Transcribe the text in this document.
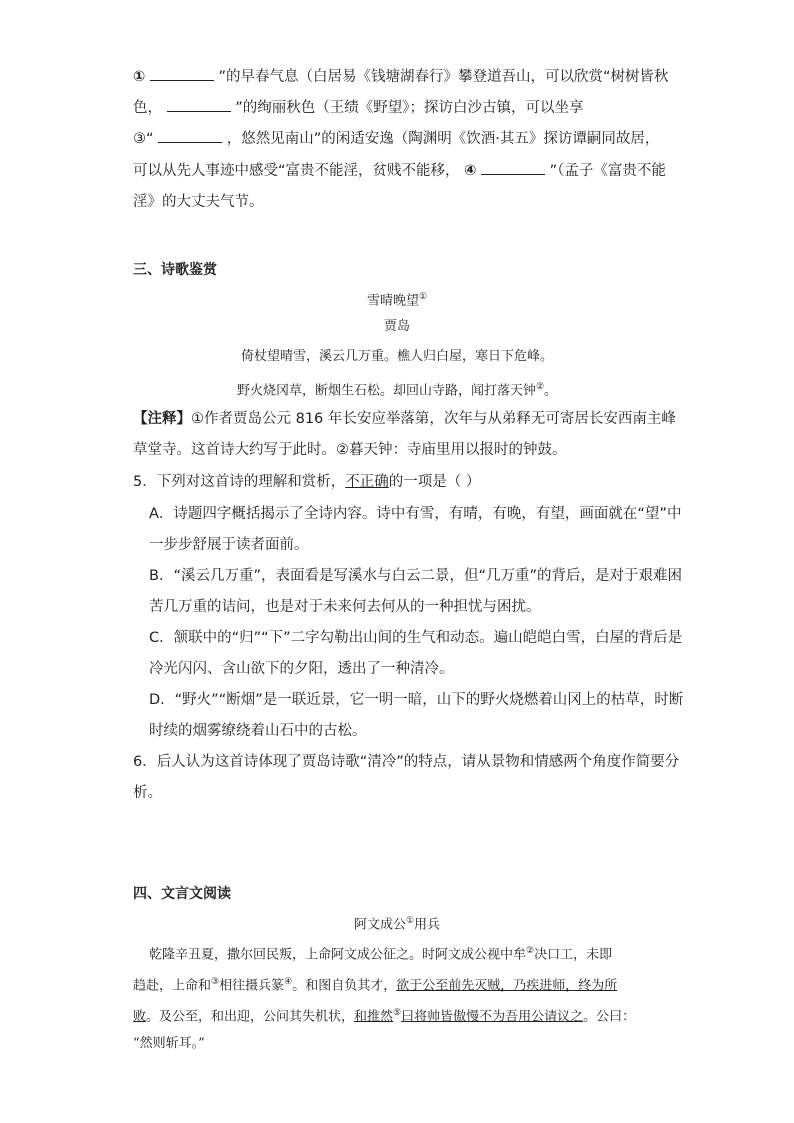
①	”的早春气息（白居易《钱塘湖春行》攀登道吾山，可以欣赏“树树皆秋
色，	”的绚丽秋色（王绩《野望》；探访白沙古镇，可以坐享
③“	，悠然见南山”的闲适安逸（陶渊明《饮酒·其五》探访谭嗣同故居，
可以从先人事迹中感受“富贵不能淫，贫贱不能移， ④	”（孟子《富贵不能
淫》的大丈夫气节。
三、诗歌鉴赏
雪晴晚望①
贾岛
倚杖望晴雪，溪云几万重。樵人归白屋，寒日下危峰。
野火烧冈草，断烟生石松。却回山寺路，闻打落天钟②。
【注释】①作者贾岛公元 816 年长安应举落第，次年与从弟释无可寄居长安西南主峰
草堂寺。这首诗大约写于此时。②暮天钟：寺庙里用以报时的钟鼓。
5．下列对这首诗的理解和赏析，不正确的一项是（ ）
A．诗题四字概括揭示了全诗内容。诗中有雪，有晴，有晚，有望，画面就在“望”中
一步步舒展于读者面前。
B．“溪云几万重”，表面看是写溪水与白云二景，但“几万重”的背后，是对于艰难困
苦几万重的诘问，也是对于未来何去何从的一种担忧与困扰。
C．颔联中的“归”“下”二字勾勒出山间的生气和动态。遍山皑皑白雪，白屋的背后是
冷光闪闪、含山欲下的夕阳，透出了一种清冷。
D．“野火”“断烟”是一联近景，它一明一暗，山下的野火烧燃着山冈上的枯草，时断
时续的烟雾缭绕着山石中的古松。
6．后人认为这首诗体现了贾岛诗歌“清冷”的特点，请从景物和情感两个角度作简要分
析。
四、文言文阅读
阿文成公①用兵
乾隆辛丑夏，撒尔回民叛，上命阿文成公征之。时阿文成公视中牟②决口工，未即
趋赴，上命和③相往摄兵篆④。和图自负其才，欲于公至前先灭贼，乃疾进师，终为所
败。及公至，和出迎，公问其失机状，和推然⑤曰将帅皆傲慢不为吾用公请议之。公曰：
“然则斩耳。”
